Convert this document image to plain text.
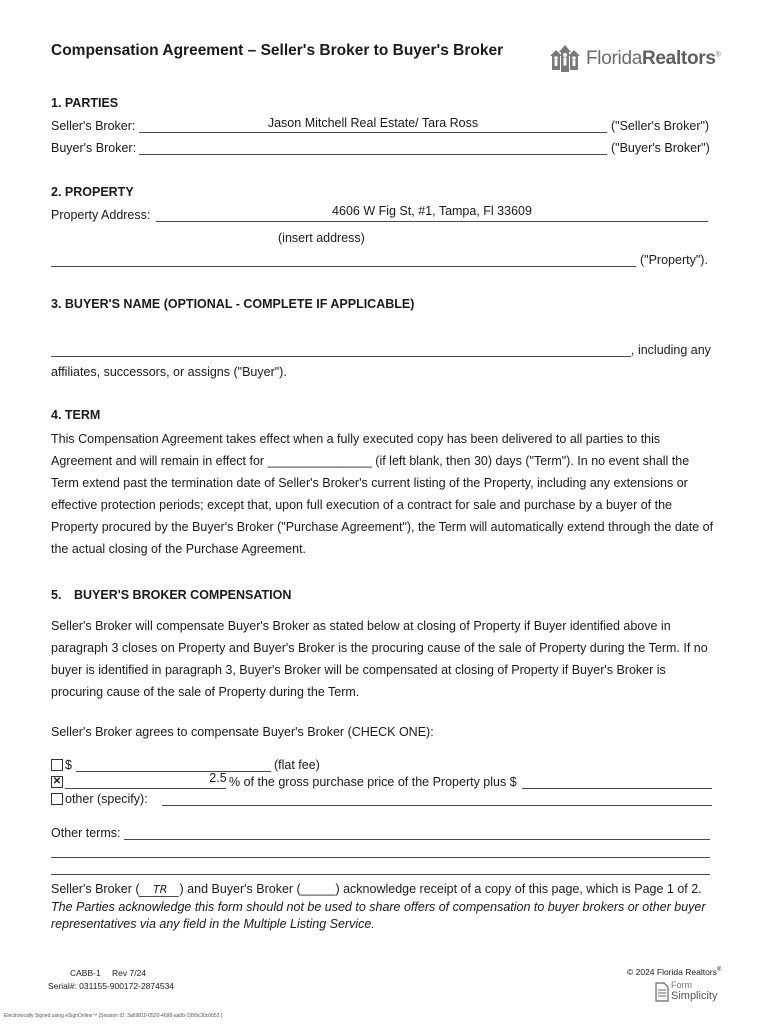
Compensation Agreement – Seller's Broker to Buyer's Broker	FloridaRealtors®
1. PARTIES
Seller's Broker:	Jason Mitchell Real Estate/ Tara Ross	("Seller's Broker")
Buyer's Broker:	("Buyer's Broker")
2. PROPERTY
Property Address:	4606 W Fig St, #1, Tampa, Fl 33609
(insert address)
("Property").
3. BUYER'S NAME (OPTIONAL - COMPLETE IF APPLICABLE)
, including any
affiliates, successors, or assigns ("Buyer").
4. TERM
This Compensation Agreement takes effect when a fully executed copy has been delivered to all parties to this
Agreement and will remain in effect for _______________ (if left blank, then 30) days ("Term"). In no event shall the
Term extend past the termination date of Seller's Broker's current listing of the Property, including any extensions or
effective protection periods; except that, upon full execution of a contract for sale and purchase by a buyer of the
Property procured by the Buyer's Broker ("Purchase Agreement"), the Term will automatically extend through the date of
the actual closing of the Purchase Agreement.
5. BUYER'S BROKER COMPENSATION
Seller's Broker will compensate Buyer's Broker as stated below at closing of Property if Buyer identified above in
paragraph 3 closes on Property and Buyer's Broker is the procuring cause of the sale of Property during the Term. If no
buyer is identified in paragraph 3, Buyer's Broker will be compensated at closing of Property if Buyer's Broker is
procuring cause of the sale of Property during the Term.
Seller's Broker agrees to compensate Buyer's Broker (CHECK ONE):
$	(flat fee)
✕	2.5 % of the gross purchase price of the Property plus $
other (specify):
Other terms:
Seller's Broker ( TR ) and Buyer's Broker (_____) acknowledge receipt of a copy of this page, which is Page 1 of 2.
The Parties acknowledge this form should not be used to share offers of compensation to buyer brokers or other buyer
representatives via any field in the Multiple Listing Service.
CABB-1 Rev 7/24
Serial#: 031155-900172-2874534
© 2024 Florida Realtors®
Form
Simplicity
Electronically Signed using eSignOnline™ [Session ID: 3a69810-0520-4698-aa0b-1999c30c0b52 ]
